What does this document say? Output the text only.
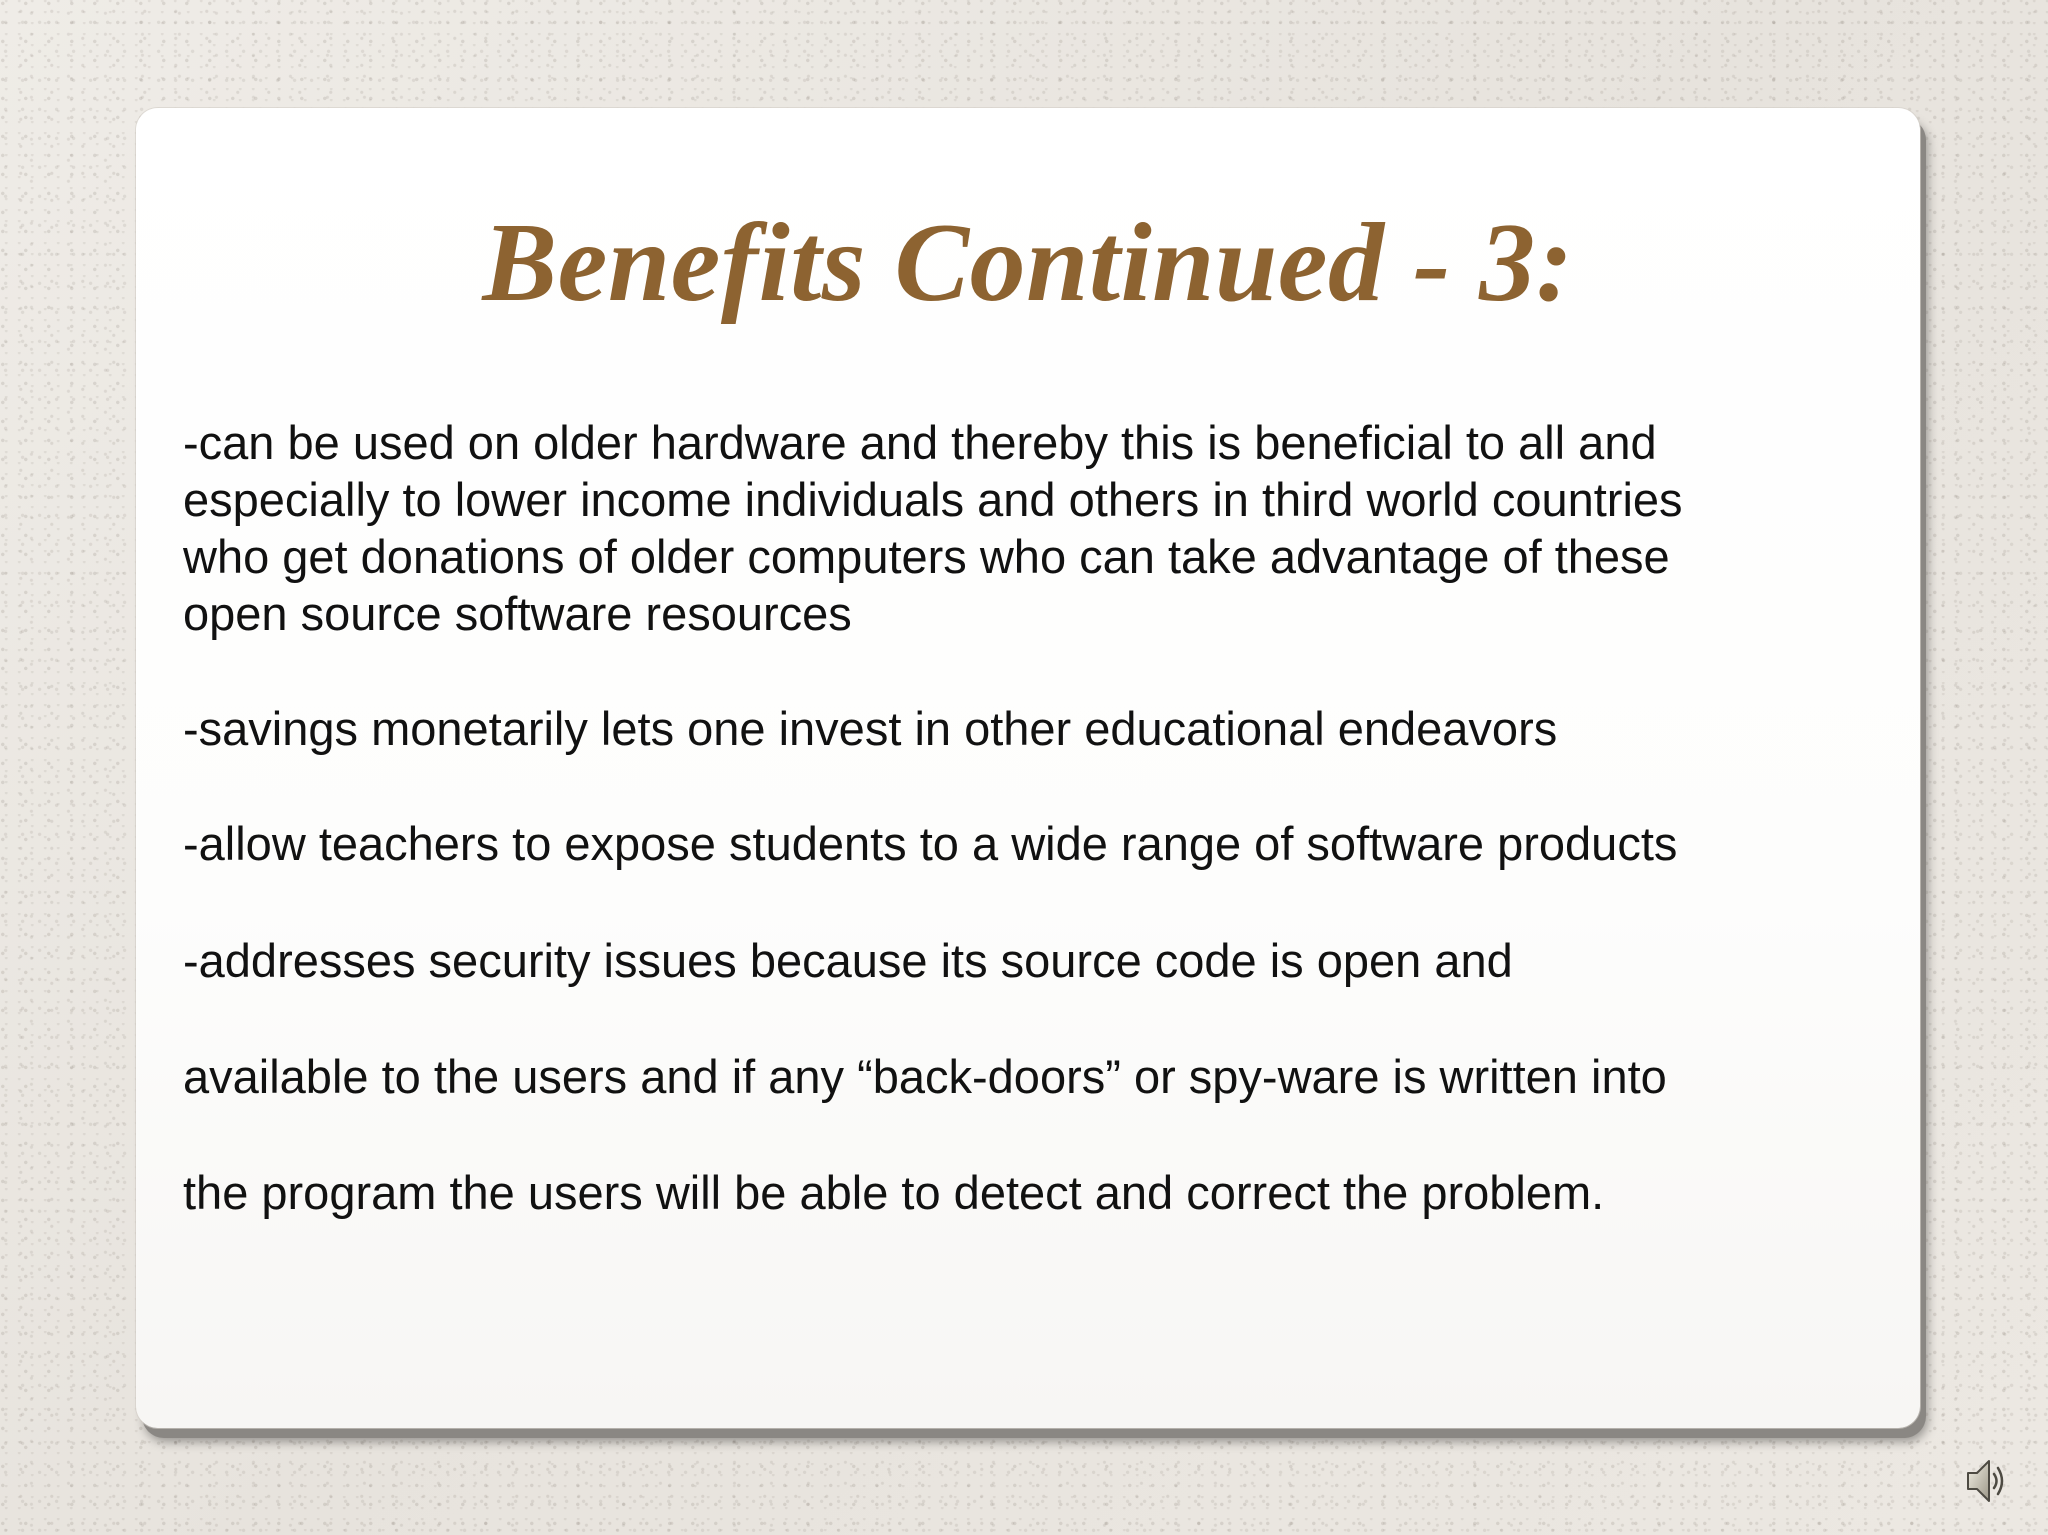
Benefits Continued - 3:

-can be used on older hardware and thereby this is beneficial to all and
especially to lower income individuals and others in third world countries
who get donations of older computers who can take advantage of these
open source software resources

-savings monetarily lets one invest in other educational endeavors

-allow teachers to expose students to a wide range of software products

-addresses security issues because its source code is open and
available to the users and if any “back-doors” or spy-ware is written into
the program the users will be able to detect and correct the problem.
